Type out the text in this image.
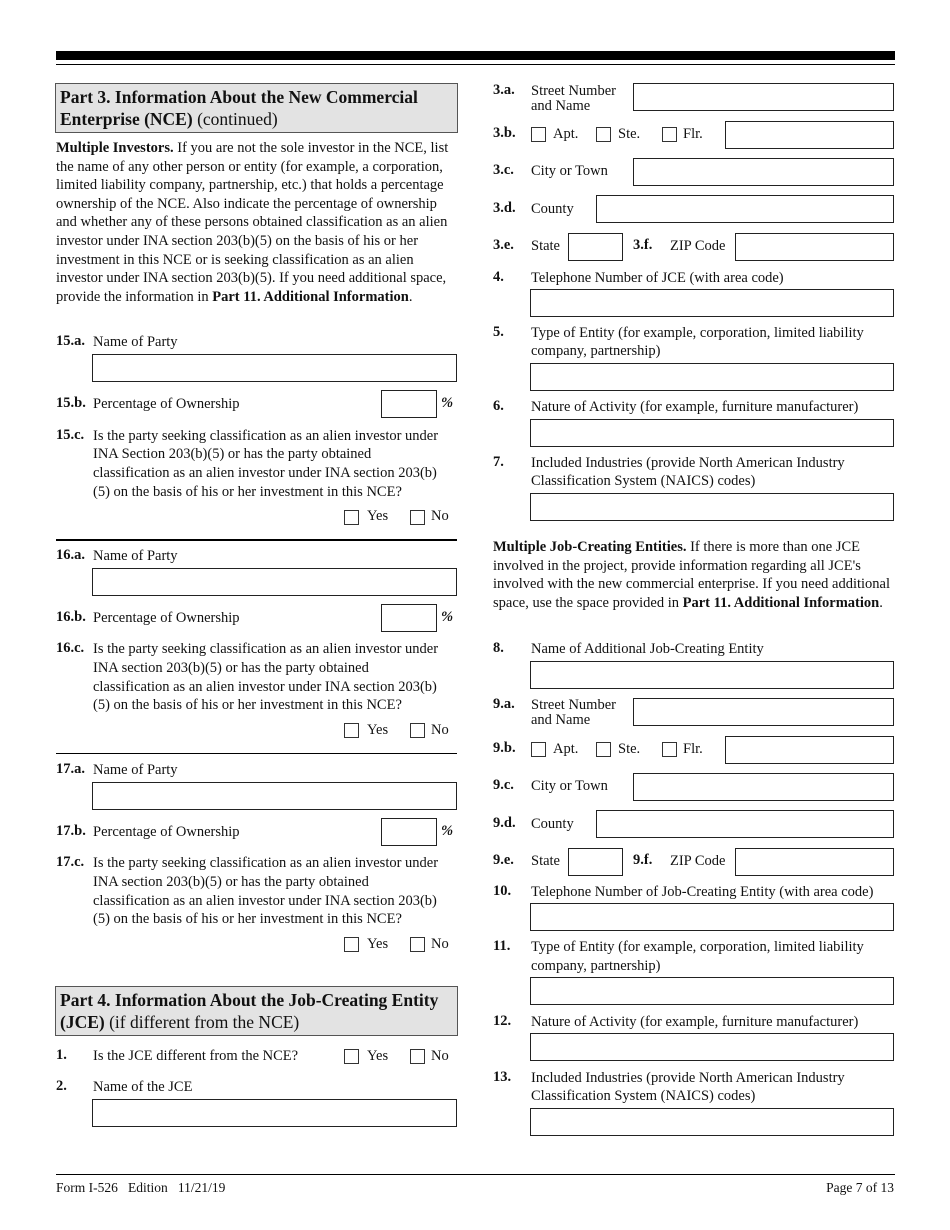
Part 3. Information About the New Commercial Enterprise (NCE) (continued)
Multiple Investors. If you are not the sole investor in the NCE, list the name of any other person or entity (for example, a corporation, limited liability company, partnership, etc.) that holds a percentage ownership of the NCE. Also indicate the percentage of ownership and whether any of these persons obtained classification as an alien investor under INA section 203(b)(5) on the basis of his or her investment in this NCE or is seeking classification as an alien investor under INA section 203(b)(5). If you need additional space, provide the information in Part 11. Additional Information.
15.a. Name of Party
15.b. Percentage of Ownership	%
15.c. Is the party seeking classification as an alien investor under
INA Section 203(b)(5) or has the party obtained
classification as an alien investor under INA section 203(b)
(5) on the basis of his or her investment in this NCE?
Yes	No
16.a. Name of Party
16.b. Percentage of Ownership	%
16.c. Is the party seeking classification as an alien investor under
INA section 203(b)(5) or has the party obtained
classification as an alien investor under INA section 203(b)
(5) on the basis of his or her investment in this NCE?
Yes	No
17.a. Name of Party
17.b. Percentage of Ownership	%
17.c. Is the party seeking classification as an alien investor under
INA section 203(b)(5) or has the party obtained
classification as an alien investor under INA section 203(b)
(5) on the basis of his or her investment in this NCE?
Yes	No
Part 4. Information About the Job-Creating Entity (JCE) (if different from the NCE)
1. Is the JCE different from the NCE?	Yes	No
2. Name of the JCE
3.a. Street Number
and Name
3.b.	Apt.	Ste.	Flr.
3.c. City or Town
3.d. County
3.e. State	3.f. ZIP Code
4. Telephone Number of JCE (with area code)
5. Type of Entity (for example, corporation, limited liability
company, partnership)
6. Nature of Activity (for example, furniture manufacturer)
7. Included Industries (provide North American Industry
Classification System (NAICS) codes)
Multiple Job-Creating Entities. If there is more than one JCE involved in the project, provide information regarding all JCE's involved with the new commercial enterprise. If you need additional space, use the space provided in Part 11. Additional Information.
8. Name of Additional Job-Creating Entity
9.a. Street Number
and Name
9.b.	Apt.	Ste.	Flr.
9.c. City or Town
9.d. County
9.e. State	9.f. ZIP Code
10. Telephone Number of Job-Creating Entity (with area code)
11. Type of Entity (for example, corporation, limited liability
company, partnership)
12. Nature of Activity (for example, furniture manufacturer)
13. Included Industries (provide North American Industry
Classification System (NAICS) codes)
Form I-526   Edition   11/21/19	Page 7 of 13
